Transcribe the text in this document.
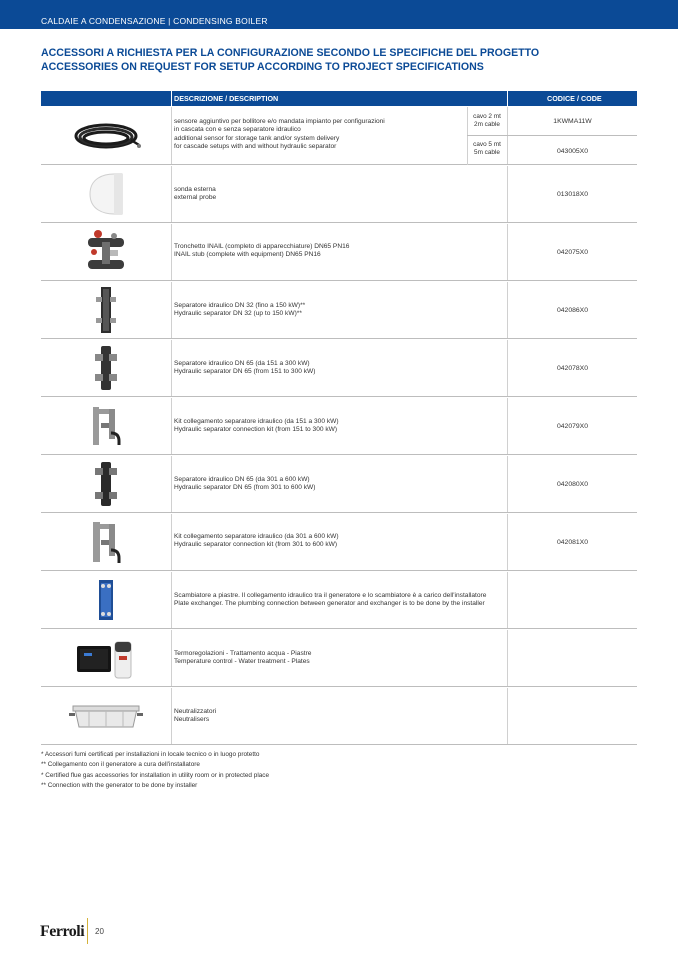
CALDAIE A CONDENSAZIONE | CONDENSING BOILER
ACCESSORI A RICHIESTA PER LA CONFIGURAZIONE SECONDO LE SPECIFICHE DEL PROGETTO
ACCESSORIES ON REQUEST FOR SETUP ACCORDING TO PROJECT SPECIFICATIONS
DESCRIZIONE / DESCRIPTION	CODICE / CODE
sensore aggiuntivo per bollitore e/o mandata impianto per configurazioni
in cascata con e senza separatore idraulico
additional sensor for storage tank and/or system delivery
for cascade setups with and without hydraulic separator
cavo 2 mt
2m cable	1KWMA11W
cavo 5 mt
5m cable	043005X0
sonda esterna
external probe	013018X0
Tronchetto INAIL (completo di apparecchiature) DN65 PN16
INAIL stub (complete with equipment) DN65 PN16	042075X0
Separatore idraulico DN 32 (fino a 150 kW)**
Hydraulic separator DN 32 (up to 150 kW)**	042086X0
Separatore idraulico DN 65 (da 151 a 300 kW)
Hydraulic separator DN 65 (from 151 to 300 kW)	042078X0
Kit collegamento separatore idraulico (da 151 a 300 kW)
Hydraulic separator connection kit (from 151 to 300 kW)	042079X0
Separatore idraulico DN 65 (da 301 a 600 kW)
Hydraulic separator DN 65 (from 301 to 600 kW)	042080X0
Kit collegamento separatore idraulico (da 301 a 600 kW)
Hydraulic separator connection kit (from 301 to 600 kW)	042081X0
Scambiatore a piastre. Il collegamento idraulico tra il generatore e lo scambiatore è a carico dell'installatore
Plate exchanger. The plumbing connection between generator and exchanger is to be done by the installer
Termoregolazioni - Trattamento acqua - Piastre
Temperature control - Water treatment - Plates
Neutralizzatori
Neutralisers
* Accessori fumi certificati per installazioni in locale tecnico o in luogo protetto
** Collegamento con il generatore a cura dell'installatore
* Certified flue gas accessories for installation in utility room or in protected place
** Connection with the generator to be done by installer
Ferroli 20
